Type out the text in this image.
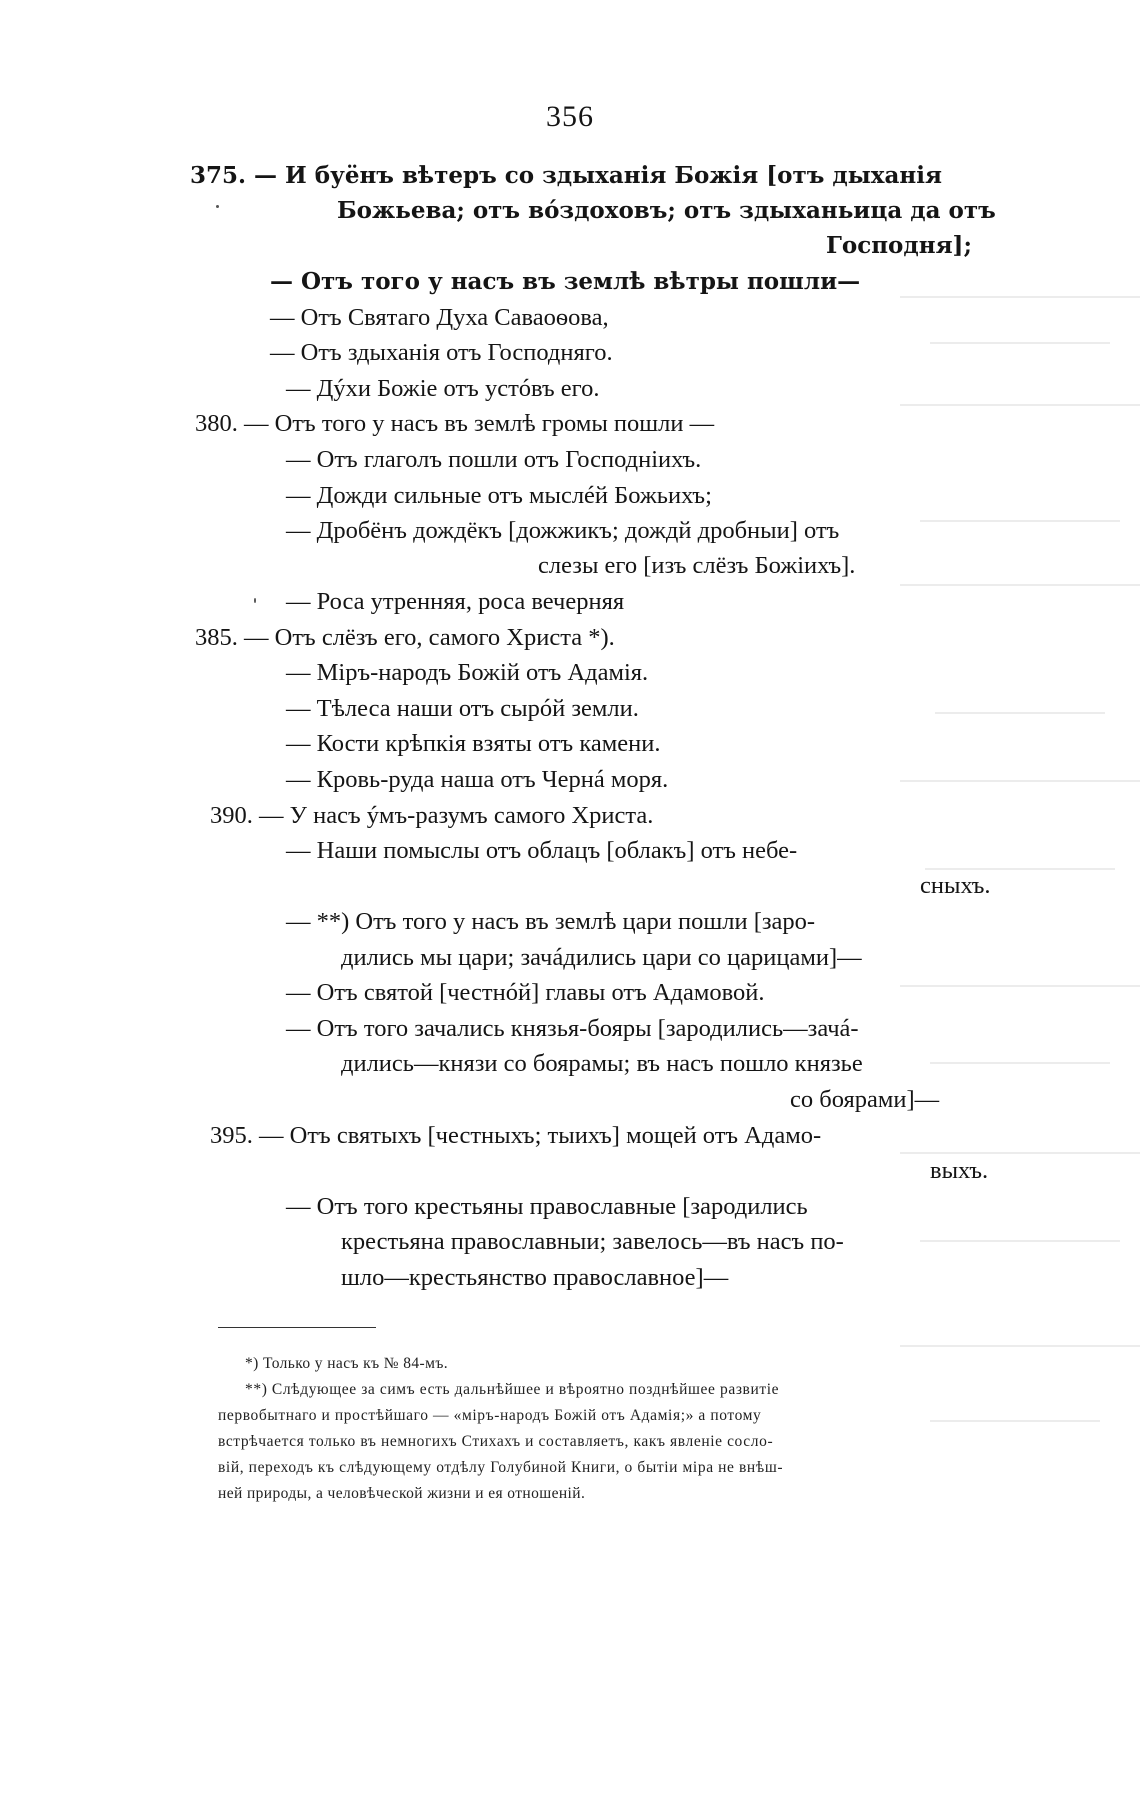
356
375. — И буёнъ вѣтеръ со здыханія Божія [отъ дыханія
Божьева; отъ вóздоховъ; отъ здыханьица да отъ
Господня];
— Отъ того у насъ въ землѣ вѣтры пошли—
— Отъ Святаго Духа Саваоѳова,
— Отъ здыханія отъ Господняго.
— Дýхи Божіе отъ устóвъ его.
380. — Отъ того у насъ въ землѣ громы пошли —
— Отъ глаголъ пошли отъ Господніихъ.
— Дожди сильные отъ мыслéй Божьихъ;
— Дробёнъ дождёкъ [дожжикъ; дождй дробныи] отъ
слезы его [изъ слёзъ Божіихъ].
— Роса утренняя, роса вечерняя
385. — Отъ слёзъ его, самого Христа *).
— Міръ-народъ Божій отъ Адамія.
— Тѣлеса наши отъ сырóй земли.
— Кости крѣпкія взяты отъ камени.
— Кровь-руда наша отъ Чернá моря.
390. — У насъ ýмъ-разумъ самого Христа.
— Наши помыслы отъ облацъ [облакъ] отъ небе-
сныхъ.
— **) Отъ того у насъ въ землѣ цари пошли [заро-
дились мы цари; зачáдились цари со царицами]—
— Отъ святой [честнóй] главы отъ Адамовой.
— Отъ того зачались князья-бояры [зародились—зачá-
дились—князи со боярамы; въ насъ пошло князье
со боярами]—
395. — Отъ святыхъ [честныхъ; тыихъ] мощей отъ Адамо-
выхъ.
— Отъ того крестьяны православные [зародились
крестьяна православныи; завелось—въ насъ по-
шло—крестьянство православное]—
*) Только у насъ къ № 84-мъ.
**) Слѣдующее за симъ есть дальнѣйшее и вѣроятно позднѣйшее развитіе
первобытнаго и простѣйшаго — «міръ-народъ Божій отъ Адамія;» а потому
встрѣчается только въ немногихъ Стихахъ и составляетъ, какъ явленіе сосло-
вій, переходъ къ слѣдующему отдѣлу Голубиной Книги, о бытіи міра не внѣш-
ней природы, а человѣческой жизни и ея отношеній.
